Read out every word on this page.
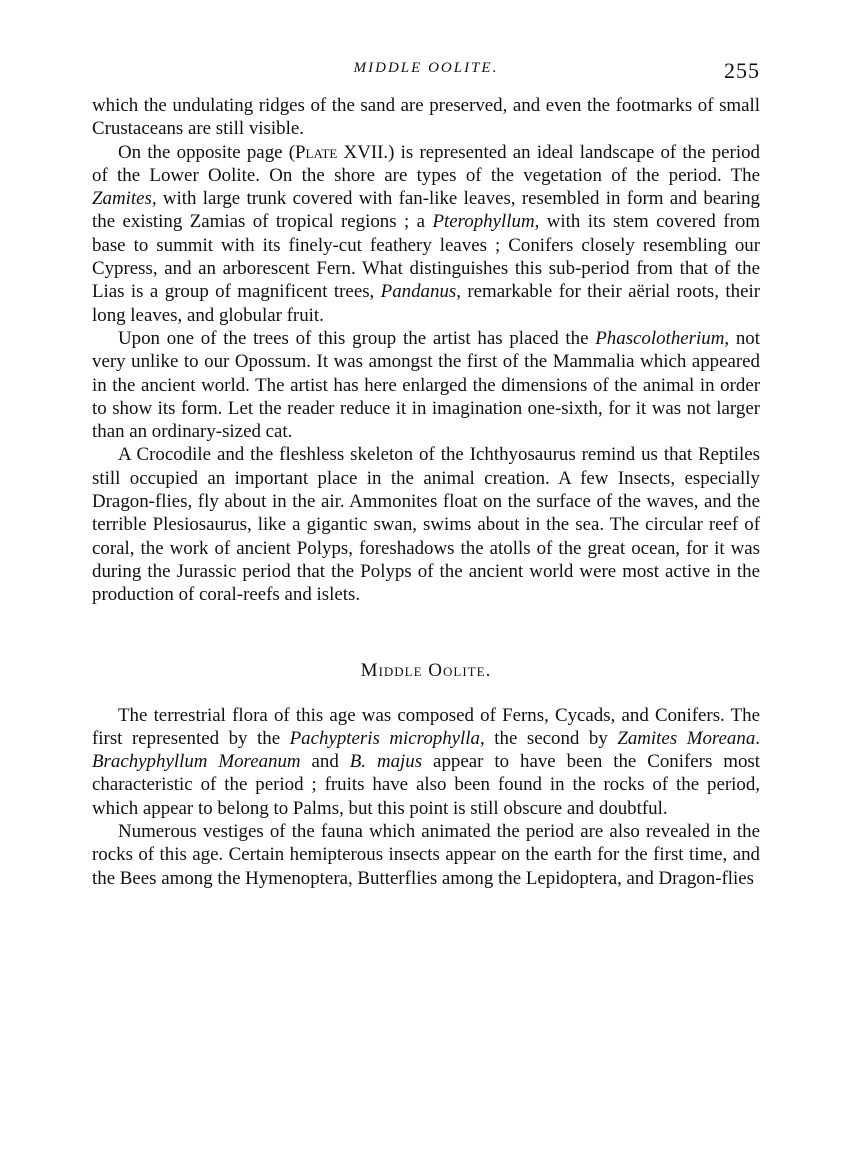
MIDDLE OOLITE.	255

which the undulating ridges of the sand are preserved, and even the footmarks of small Crustaceans are still visible.

On the opposite page (Plate XVII.) is represented an ideal landscape of the period of the Lower Oolite. On the shore are types of the vegetation of the period. The Zamites, with large trunk covered with fan-like leaves, resembled in form and bearing the existing Zamias of tropical regions ; a Pterophyllum, with its stem covered from base to summit with its finely-cut feathery leaves ; Conifers closely resembling our Cypress, and an arborescent Fern. What distinguishes this sub-period from that of the Lias is a group of magnificent trees, Pandanus, remarkable for their aërial roots, their long leaves, and globular fruit.

Upon one of the trees of this group the artist has placed the Phascolotherium, not very unlike to our Opossum. It was amongst the first of the Mammalia which appeared in the ancient world. The artist has here enlarged the dimensions of the animal in order to show its form. Let the reader reduce it in imagination one-sixth, for it was not larger than an ordinary-sized cat.

A Crocodile and the fleshless skeleton of the Ichthyosaurus remind us that Reptiles still occupied an important place in the animal creation. A few Insects, especially Dragon-flies, fly about in the air. Ammonites float on the surface of the waves, and the terrible Plesiosaurus, like a gigantic swan, swims about in the sea. The circular reef of coral, the work of ancient Polyps, foreshadows the atolls of the great ocean, for it was during the Jurassic period that the Polyps of the ancient world were most active in the production of coral-reefs and islets.

Middle Oolite.

The terrestrial flora of this age was composed of Ferns, Cycads, and Conifers. The first represented by the Pachypteris microphylla, the second by Zamites Moreana. Brachyphyllum Moreanum and B. majus appear to have been the Conifers most characteristic of the period ; fruits have also been found in the rocks of the period, which appear to belong to Palms, but this point is still obscure and doubtful.

Numerous vestiges of the fauna which animated the period are also revealed in the rocks of this age. Certain hemipterous insects appear on the earth for the first time, and the Bees among the Hymenoptera, Butterflies among the Lepidoptera, and Dragon-flies
